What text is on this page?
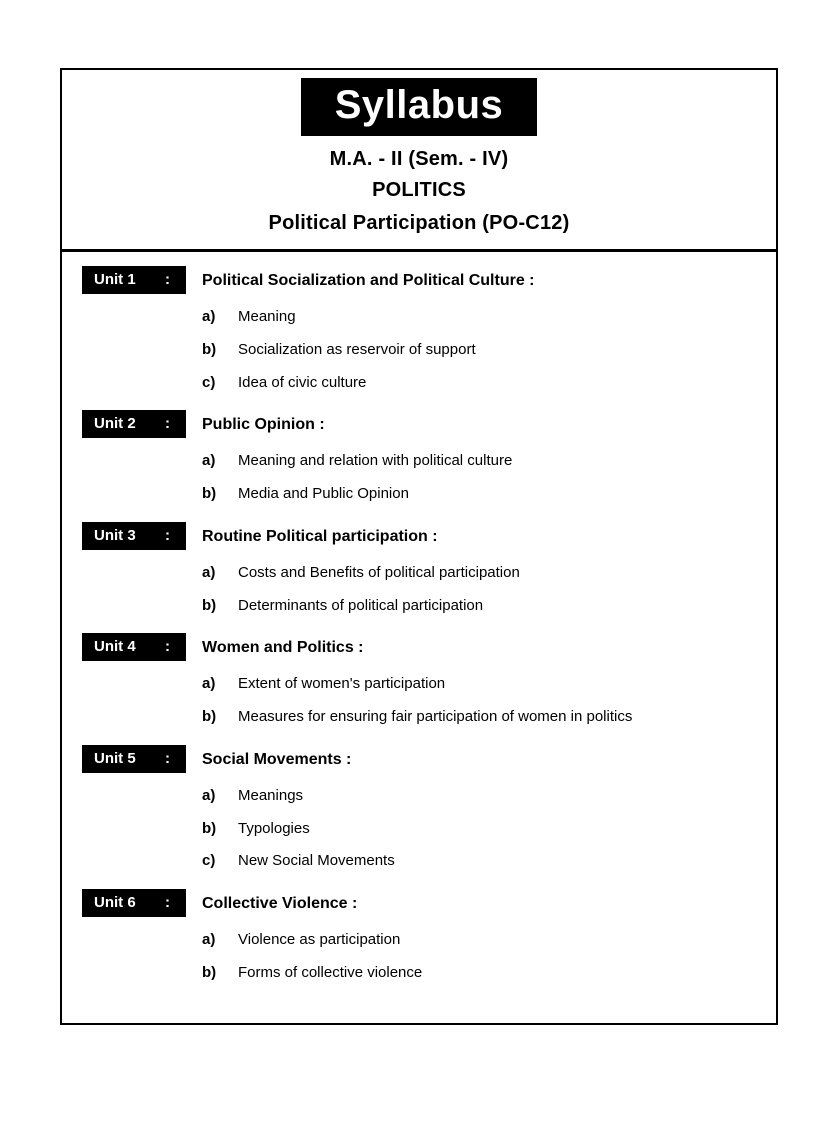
Syllabus
M.A. - II (Sem. - IV)
POLITICS
Political Participation (PO-C12)
Unit 1 :	Political Socialization and Political Culture :
a)	Meaning
b)	Socialization as reservoir of support
c)	Idea of civic culture
Unit 2 :	Public Opinion :
a)	Meaning and relation with political culture
b)	Media and Public Opinion
Unit 3 :	Routine Political participation :
a)	Costs and Benefits of political participation
b)	Determinants of political participation
Unit 4 :	Women and Politics :
a)	Extent of women's participation
b)	Measures for ensuring fair participation of women in politics
Unit 5 :	Social Movements :
a)	Meanings
b)	Typologies
c)	New Social Movements
Unit 6 :	Collective Violence :
a)	Violence as participation
b)	Forms of collective violence
